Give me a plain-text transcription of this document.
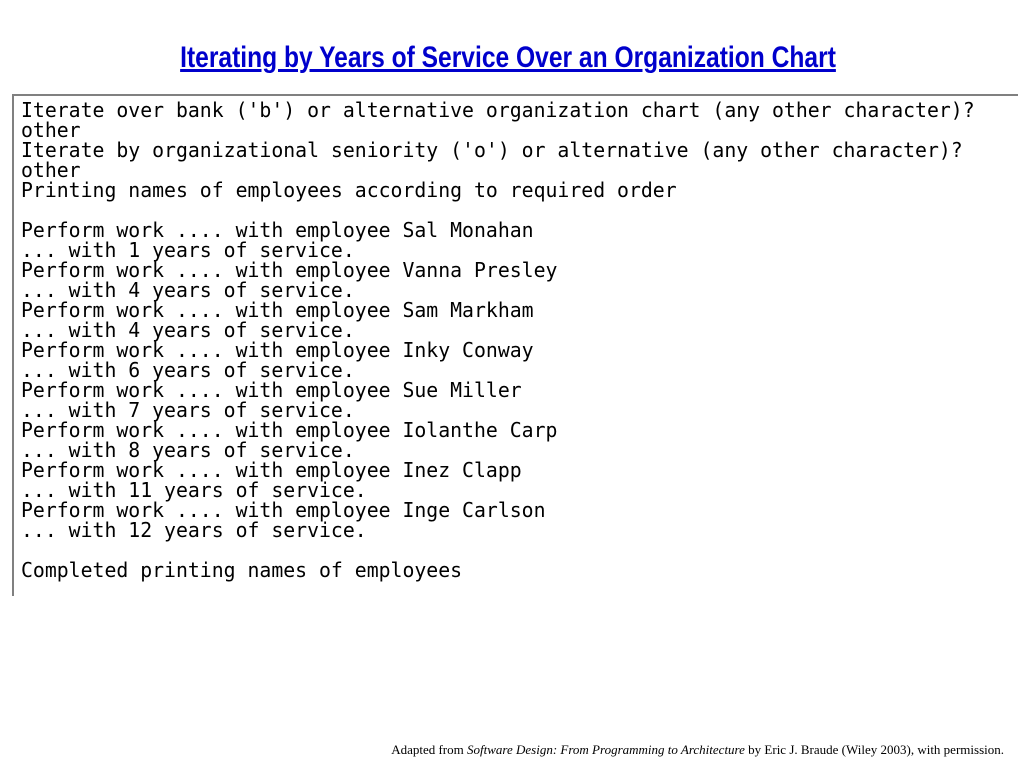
Iterating by Years of Service Over an Organization Chart
Iterate over bank ('b') or alternative organization chart (any other character)?
other
Iterate by organizational seniority ('o') or alternative (any other character)?
other
Printing names of employees according to required order
Perform work .... with employee Sal Monahan
... with 1 years of service.
Perform work .... with employee Vanna Presley
... with 4 years of service.
Perform work .... with employee Sam Markham
... with 4 years of service.
Perform work .... with employee Inky Conway
... with 6 years of service.
Perform work .... with employee Sue Miller
... with 7 years of service.
Perform work .... with employee Iolanthe Carp
... with 8 years of service.
Perform work .... with employee Inez Clapp
... with 11 years of service.
Perform work .... with employee Inge Carlson
... with 12 years of service.
Completed printing names of employees
Adapted from Software Design: From Programming to Architecture by Eric J. Braude (Wiley 2003), with permission.
